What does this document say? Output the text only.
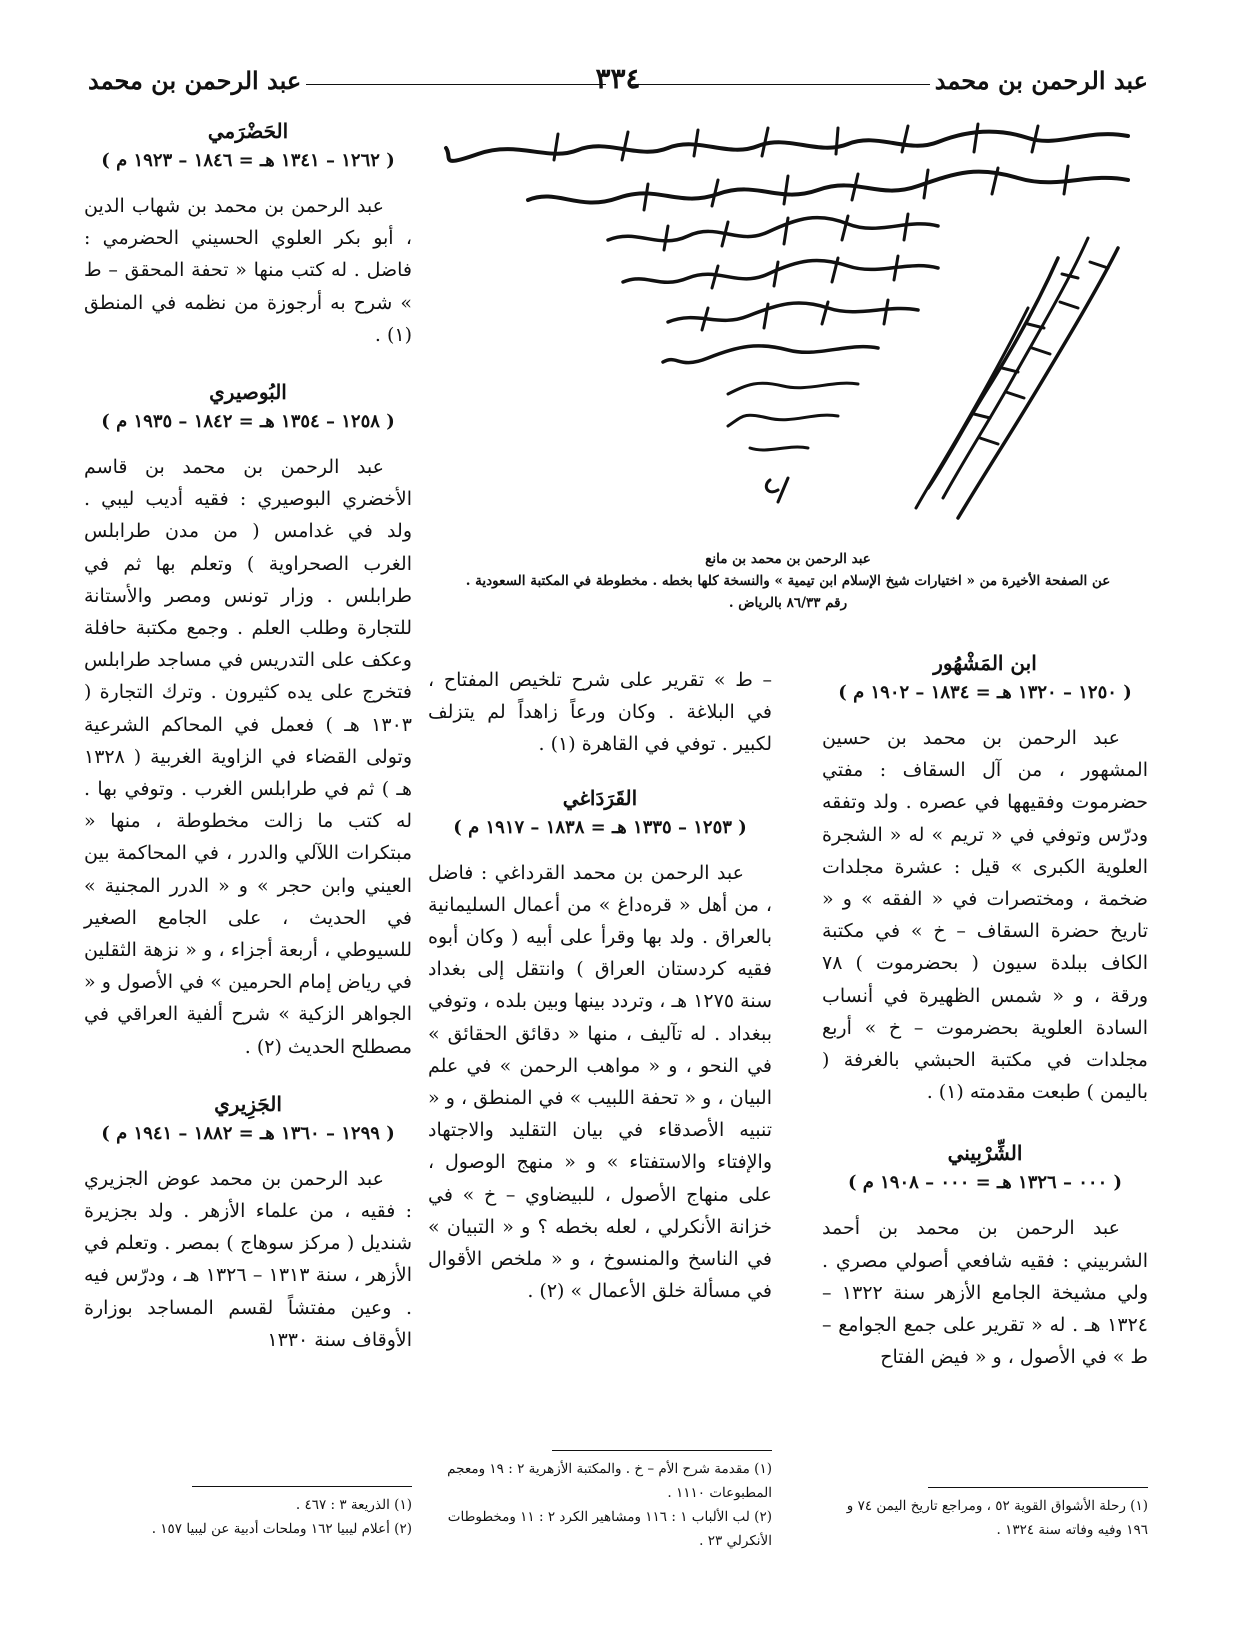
عبد الرحمن بن محمد
٣٣٤
عبد الرحمن بن محمد
عبد الرحمن بن محمد بن مانع
عن الصفحة الأخيرة من « اختيارات شيخ الإسلام ابن تيمية » والنسخة كلها بخطه . مخطوطة في المكتبة السعودية .
رقم ٨٦/٣٣ بالرياض .
ابن المَشْهُور
( ١٢٥٠ – ١٣٢٠ هـ = ١٨٣٤ – ١٩٠٢ م )

عبد الرحمن بن محمد بن حسين المشهور ، من آل السقاف : مفتي حضرموت وفقيهها في عصره . ولد وتفقه ودرّس وتوفي في « تريم » له « الشجرة العلوية الكبرى » قيل : عشرة مجلدات ضخمة ، ومختصرات في « الفقه » و « تاريخ حضرة السقاف – خ » في مكتبة الكاف ببلدة سيون ( بحضرموت ) ٧٨ ورقة ، و « شمس الظهيرة في أنساب السادة العلوية بحضرموت – خ » أربع مجلدات في مكتبة الحبشي بالغرفة ( باليمن ) طبعت مقدمته (١) .

الشِّرْبِيني
( ٠٠٠ – ١٣٢٦ هـ = ٠٠٠ – ١٩٠٨ م )

عبد الرحمن بن محمد بن أحمد الشربيني : فقيه شافعي أصولي مصري . ولي مشيخة الجامع الأزهر سنة ١٣٢٢ – ١٣٢٤ هـ . له « تقرير على جمع الجوامع – ط » في الأصول ، و « فيض الفتاح

(١) رحلة الأشواق القوية ٥٢ ، ومراجع تاريخ اليمن ٧٤ و ١٩٦ وفيه وفاته سنة ١٣٢٤ .

– ط » تقرير على شرح تلخيص المفتاح ، في البلاغة . وكان ورعاً زاهداً لم يتزلف لكبير . توفي في القاهرة (١) .

القَرَدَاغي
( ١٢٥٣ – ١٣٣٥ هـ = ١٨٣٨ – ١٩١٧ م )

عبد الرحمن بن محمد القرداغي : فاضل ، من أهل « قره‌داغ » من أعمال السليمانية بالعراق . ولد بها وقرأ على أبيه ( وكان أبوه فقيه كردستان العراق ) وانتقل إلى بغداد سنة ١٢٧٥ هـ ، وتردد بينها وبين بلده ، وتوفي ببغداد . له تآليف ، منها « دقائق الحقائق » في النحو ، و « مواهب الرحمن » في علم البيان ، و « تحفة اللبيب » في المنطق ، و « تنبيه الأصدقاء في بيان التقليد والاجتهاد والإفتاء والاستفتاء » و « منهج الوصول ، على منهاج الأصول ، للبيضاوي – خ » في خزانة الأنكرلي ، لعله بخطه ؟ و « التبيان » في الناسخ والمنسوخ ، و « ملخص الأقوال في مسألة خلق الأعمال » (٢) .

(١) مقدمة شرح الأم – خ . والمكتبة الأزهرية ٢ : ١٩ ومعجم المطبوعات ١١١٠ .
(٢) لب الألباب ١ : ١١٦ ومشاهير الكرد ٢ : ١١ ومخطوطات الأنكرلي ٢٣ .
الحَضْرَمي
( ١٢٦٢ – ١٣٤١ هـ = ١٨٤٦ – ١٩٢٣ م )

عبد الرحمن بن محمد بن شهاب الدين ، أبو بكر العلوي الحسيني الحضرمي : فاضل . له كتب منها « تحفة المحقق – ط » شرح به أرجوزة من نظمه في المنطق (١) .

البُوصيري
( ١٢٥٨ – ١٣٥٤ هـ = ١٨٤٢ – ١٩٣٥ م )

عبد الرحمن بن محمد بن قاسم الأخضري البوصيري : فقيه أديب ليبي . ولد في غدامس ( من مدن طرابلس الغرب الصحراوية ) وتعلم بها ثم في طرابلس . وزار تونس ومصر والأستانة للتجارة وطلب العلم . وجمع مكتبة حافلة وعكف على التدريس في مساجد طرابلس فتخرج على يده كثيرون . وترك التجارة ( ١٣٠٣ هـ ) فعمل في المحاكم الشرعية وتولى القضاء في الزاوية الغربية ( ١٣٢٨ هـ ) ثم في طرابلس الغرب . وتوفي بها . له كتب ما زالت مخطوطة ، منها « مبتكرات اللآلي والدرر ، في المحاكمة بين العيني وابن حجر » و « الدرر المجنية » في الحديث ، على الجامع الصغير للسيوطي ، أربعة أجزاء ، و « نزهة الثقلين في رياض إمام الحرمين » في الأصول و « الجواهر الزكية » شرح ألفية العراقي في مصطلح الحديث (٢) .

الجَزِيري
( ١٢٩٩ – ١٣٦٠ هـ = ١٨٨٢ – ١٩٤١ م )

عبد الرحمن بن محمد عوض الجزيري : فقيه ، من علماء الأزهر . ولد بجزيرة شنديل ( مركز سوهاج ) بمصر . وتعلم في الأزهر ، سنة ١٣١٣ – ١٣٢٦ هـ ، ودرّس فيه . وعين مفتشاً لقسم المساجد بوزارة الأوقاف سنة ١٣٣٠

(١) الذريعة ٣ : ٤٦٧ .
(٢) أعلام ليبيا ١٦٢ وملحات أدبية عن ليبيا ١٥٧ .
